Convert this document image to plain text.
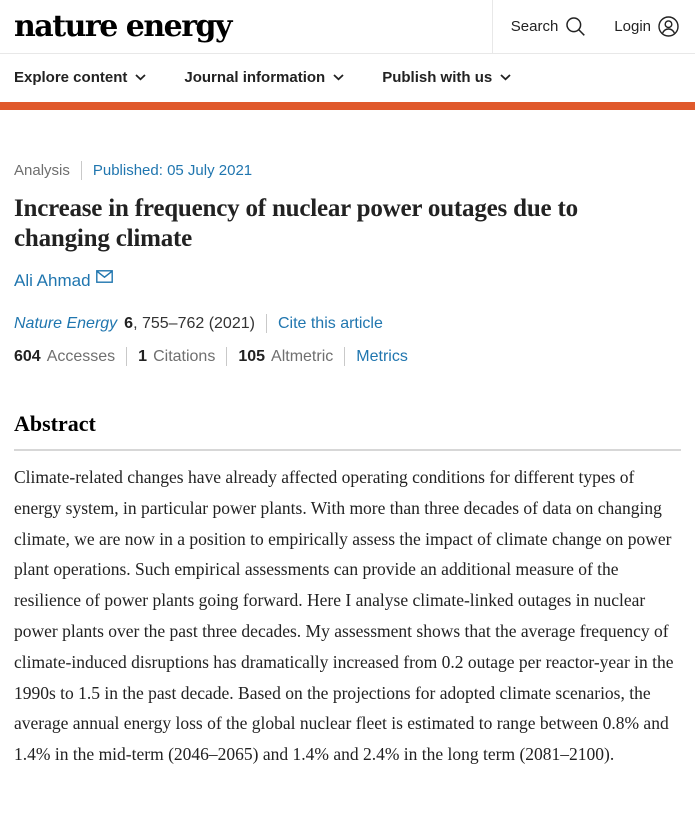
nature energy	Search	Login
Explore content	Journal information	Publish with us
Analysis Published: 05 July 2021
Increase in frequency of nuclear power outages due to changing climate
Ali Ahmad
Nature Energy 6 , 755–762 (2021) Cite this article
604 Accesses 1 Citations 105 Altmetric Metrics
Abstract

Climate-related changes have already affected operating conditions for different types of energy system, in particular power plants. With more than three decades of data on changing climate, we are now in a position to empirically assess the impact of climate change on power plant operations. Such empirical assessments can provide an additional measure of the resilience of power plants going forward. Here I analyse climate-linked outages in nuclear power plants over the past three decades. My assessment shows that the average frequency of climate-induced disruptions has dramatically increased from 0.2 outage per reactor-year in the 1990s to 1.5 in the past decade. Based on the projections for adopted climate scenarios, the average annual energy loss of the global nuclear fleet is estimated to range between 0.8% and 1.4% in the mid-term (2046–2065) and 1.4% and 2.4% in the long term (2081–2100).
